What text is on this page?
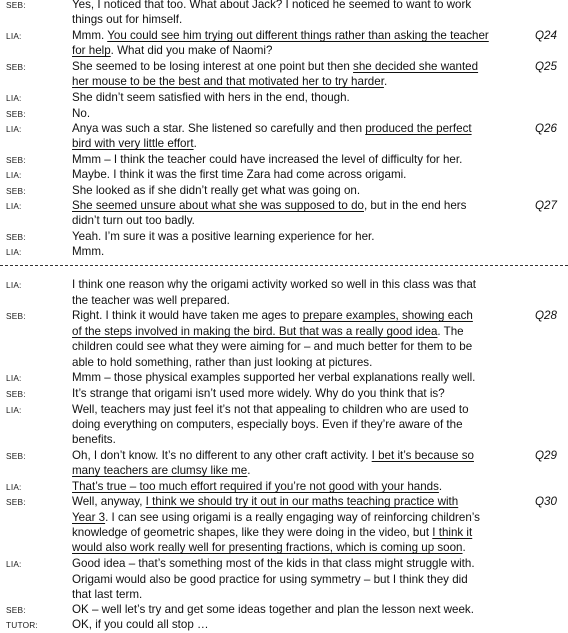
SEB:	Yes, I noticed that too. What about Jack? I noticed he seemed to want to work
things out for himself.
LIA:	Mmm. You could see him trying out different things rather than asking the teacher	Q24
for help. What did you make of Naomi?
SEB:	She seemed to be losing interest at one point but then she decided she wanted	Q25
her mouse to be the best and that motivated her to try harder.
LIA:	She didn’t seem satisfied with hers in the end, though.
SEB:	No.
LIA:	Anya was such a star. She listened so carefully and then produced the perfect	Q26
bird with very little effort.
SEB:	Mmm – I think the teacher could have increased the level of difficulty for her.
LIA:	Maybe. I think it was the first time Zara had come across origami.
SEB:	She looked as if she didn’t really get what was going on.
LIA:	She seemed unsure about what she was supposed to do, but in the end hers	Q27
didn’t turn out too badly.
SEB:	Yeah. I’m sure it was a positive learning experience for her.
LIA:	Mmm.
LIA:	I think one reason why the origami activity worked so well in this class was that
the teacher was well prepared.
SEB:	Right. I think it would have taken me ages to prepare examples, showing each	Q28
of the steps involved in making the bird. But that was a really good idea. The
children could see what they were aiming for – and much better for them to be
able to hold something, rather than just looking at pictures.
LIA:	Mmm – those physical examples supported her verbal explanations really well.
SEB:	It’s strange that origami isn’t used more widely. Why do you think that is?
LIA:	Well, teachers may just feel it’s not that appealing to children who are used to
doing everything on computers, especially boys. Even if they’re aware of the
benefits.
SEB:	Oh, I don’t know. It’s no different to any other craft activity. I bet it’s because so	Q29
many teachers are clumsy like me.
LIA:	That’s true – too much effort required if you’re not good with your hands.
SEB:	Well, anyway, I think we should try it out in our maths teaching practice with	Q30
Year 3. I can see using origami is a really engaging way of reinforcing children’s
knowledge of geometric shapes, like they were doing in the video, but I think it
would also work really well for presenting fractions, which is coming up soon.
LIA:	Good idea – that’s something most of the kids in that class might struggle with.
Origami would also be good practice for using symmetry – but I think they did
that last term.
SEB:	OK – well let’s try and get some ideas together and plan the lesson next week.
TUTOR:	OK, if you could all stop …
